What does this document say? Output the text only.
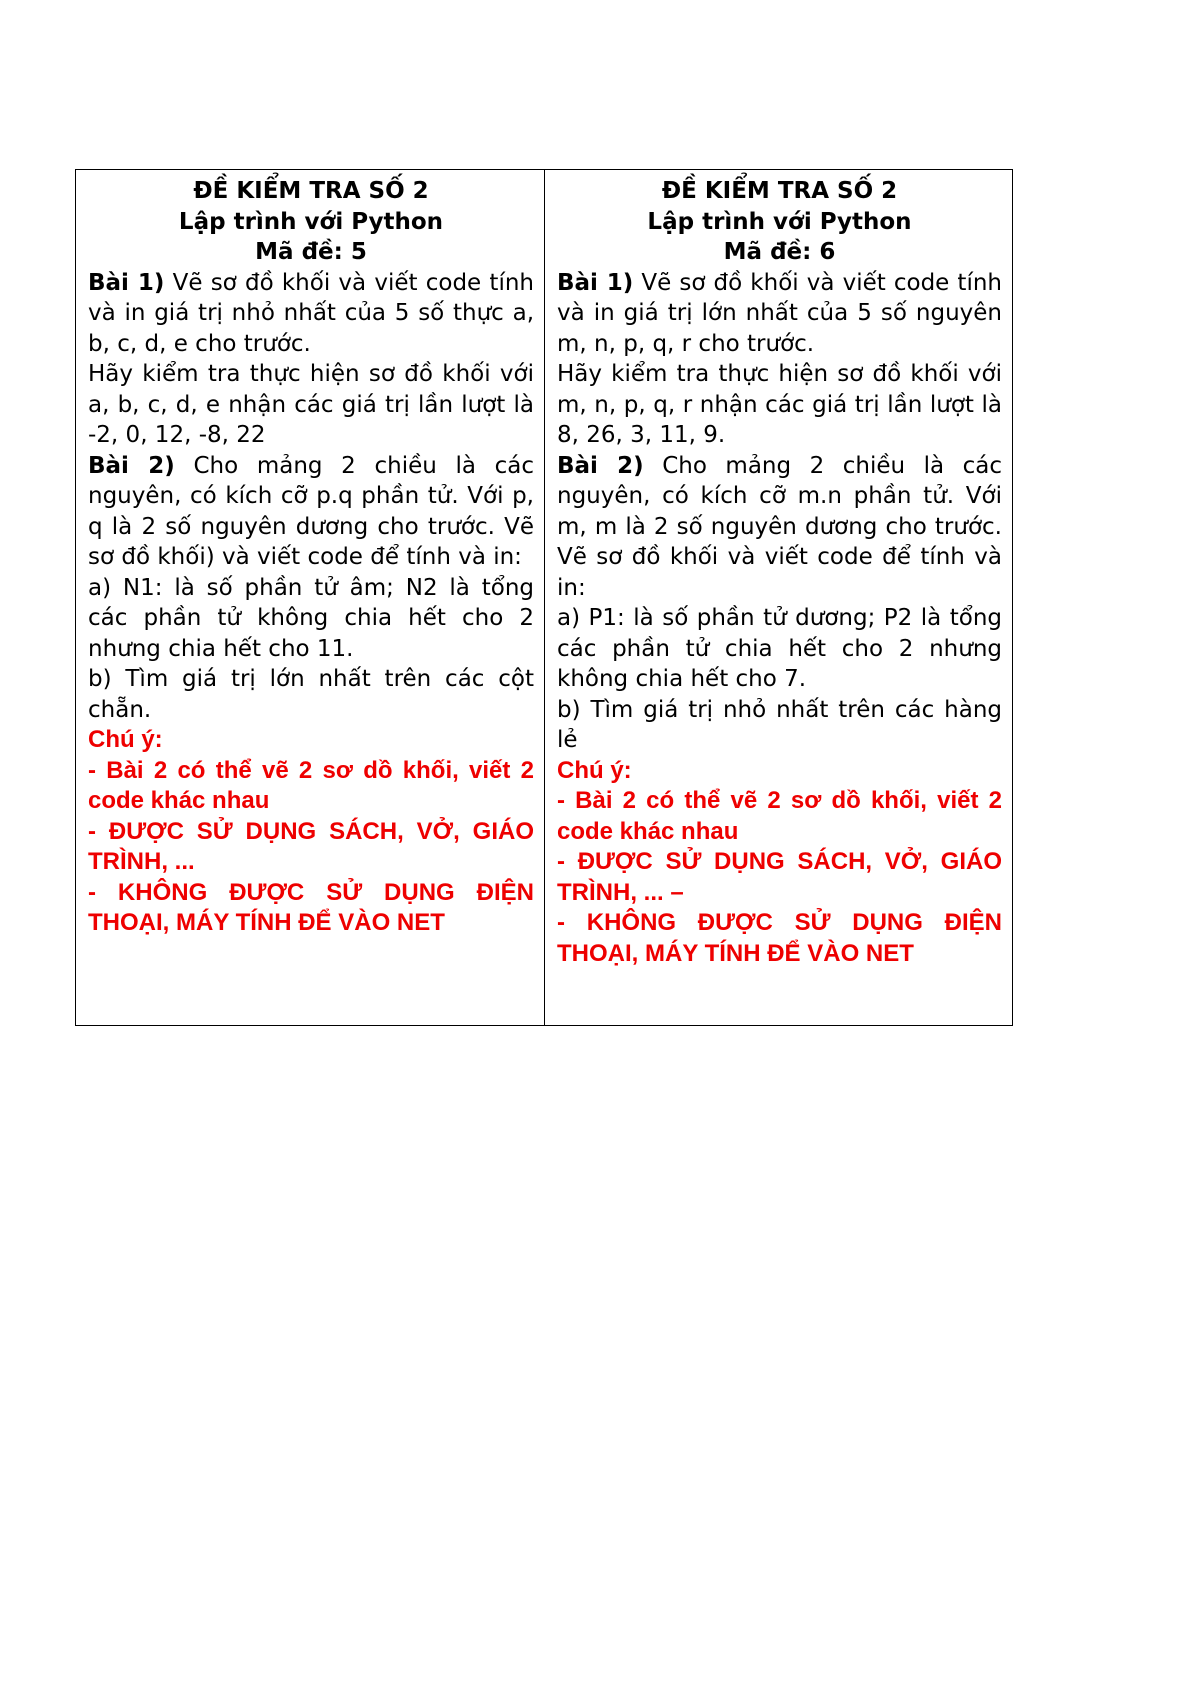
ĐỀ KIỂM TRA SỐ 2

Lập trình với Python

Mã đề: 5

Bài 1) Vẽ sơ đồ khối và viết code tính và in giá trị nhỏ nhất của 5 số thực a, b, c, d, e cho trước.

Hãy kiểm tra thực hiện sơ đồ khối với a, b, c, d, e nhận các giá trị lần lượt là -2, 0, 12, -8, 22

Bài 2) Cho mảng 2 chiều là các nguyên, có kích cỡ p.q phần tử. Với p, q là 2 số nguyên dương cho trước. Vẽ sơ đồ khối) và viết code để tính và in:

a) N1: là số phần tử âm; N2 là tổng các phần tử không chia hết cho 2 nhưng chia hết cho 11.

b) Tìm giá trị lớn nhất trên các cột chẵn.

Chú ý:

- Bài 2 có thể vẽ 2 sơ dồ khối, viết 2 code khác nhau

- ĐƯỢC SỬ DỤNG SÁCH, VỞ, GIÁO TRÌNH, ...

- KHÔNG ĐƯỢC SỬ DỤNG ĐIỆN THOẠI, MÁY TÍNH ĐỂ VÀO NET

ĐỀ KIỂM TRA SỐ 2

Lập trình với Python

Mã đề: 6

Bài 1) Vẽ sơ đồ khối và viết code tính và in giá trị lớn nhất của 5 số nguyên m, n, p, q, r cho trước.

Hãy kiểm tra thực hiện sơ đồ khối với m, n, p, q, r nhận các giá trị lần lượt là 8, 26, 3, 11, 9.

Bài 2) Cho mảng 2 chiều là các nguyên, có kích cỡ m.n phần tử. Với m, m là 2 số nguyên dương cho trước. Vẽ sơ đồ khối và viết code để tính và in:

a) P1: là số phần tử dương; P2 là tổng các phần tử chia hết cho 2 nhưng không chia hết cho 7.

b) Tìm giá trị nhỏ nhất trên các hàng lẻ

Chú ý:

- Bài 2 có thể vẽ 2 sơ dồ khối, viết 2 code khác nhau

- ĐƯỢC SỬ DỤNG SÁCH, VỞ, GIÁO TRÌNH, ... –

- KHÔNG ĐƯỢC SỬ DỤNG ĐIỆN THOẠI, MÁY TÍNH ĐỂ VÀO NET
